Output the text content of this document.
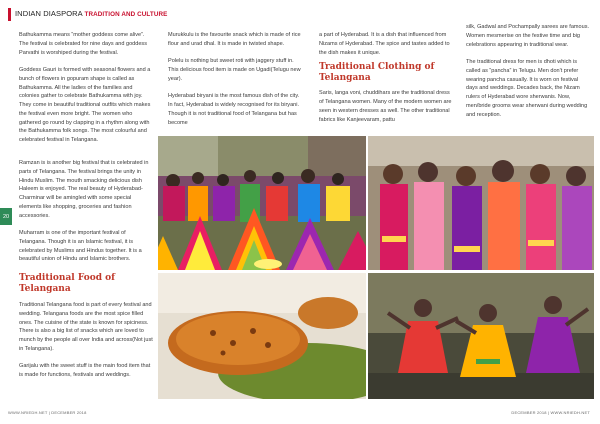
INDIAN DIASPORA TRADITION AND CULTURE
20

Bathukamma means “mother goddess come alive”. The festival is celebrated for nine days and goddess Parvathi is worshiped during the festival.

Goddess Gauri is formed with seasonal flowers and a bunch of flowers in gopuram shape is called as Bathukamma. All the ladies of the families and colonies gather to celebrate Bathukamma with joy. They come in beautiful traditional outfits which makes the festival even more bright. The women who gathered go round by clapping in a rhythm along with the Bathukamma folk songs. The most colourful and celebrated festival in Telangana.

Ramzan is is another big festival that is celebrated in parts of Telangana. The festival brings the unity in Hindu Muslim. The mouth smacking delicious dish Haleem is enjoyed. The real beauty of Hyderabad- Charminar will be amingled with some special elements like shopping, groceries and fashion accessories.

Muharram is one of the important festival of Telangana. Though it is an Islamic festival, it is celebrated by Muslims and Hindus together. It is a beautiful union of Hindu and Islamic brothers.

Traditional Food of Telangana

Traditional Telangana food is part of every festival and wedding. Telangana foods are the most spice filled ones. The cuisine of the state is known for spiciness. There is also a big list of snacks which are loved to munch by the people all over India and across(Not just in Telangana).

Garijalu with the sweet stuff is the main food item that is made for functions, festivals and weddings.

Murukkulu is the favourite snack which is made of rice flour and urad dhal. It is made in twisted shape.

Polelu is nothing but sweet roti with jaggery stuff in. This delicious food item is made on Ugadi(Telugu new year).

Hyderabad biryani is the most famous dish of the city. In fact, Hyderabad is widely recognised for its biryani. Though it is not traditional food of Telangana but has become

a part of Hyderabad. It is a dish that influenced from Nizams of Hyderabad. The spice and tastes added to the dish makes it unique.

Traditional Clothing of
Telangana

Saris, langa voni, chuddihars are the traditional dress of Telangana women. Many of the modern women are seen in western dresses as well. The other traditional fabrics like Kanjeevaram, pattu

silk, Gadwal and Pochampally sarees are famous. Women mesmerise on the festive time and big celebrations appearing in traditional wear.

The traditional dress for men is dhoti which is called as “pancha” in Telugu. Men don't prefer wearing pancha casually. It is worn on festival days and weddings. Decades back, the Nizam rulers of Hyderabad wore sherwanis. Now, men/bride grooms wear sherwani during wedding and reception.

WWW.NRIEDH.NET | DECEMBER 2018	DECEMBER 2018 | WWW.NRIEDH.NET
